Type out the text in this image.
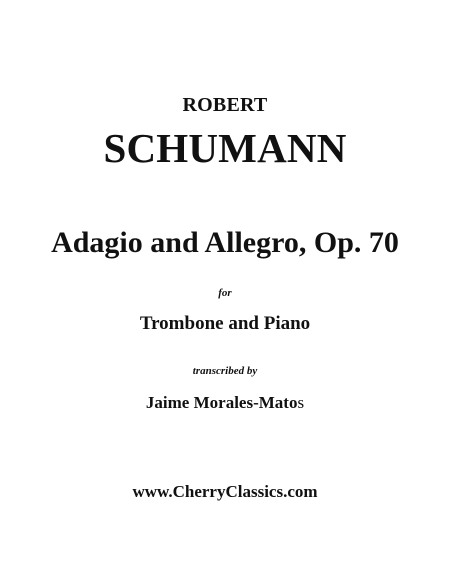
ROBERT
SCHUMANN
Adagio and Allegro, Op. 70
for
Trombone and Piano
transcribed by
Jaime Morales-Matos
www.CherryClassics.com
